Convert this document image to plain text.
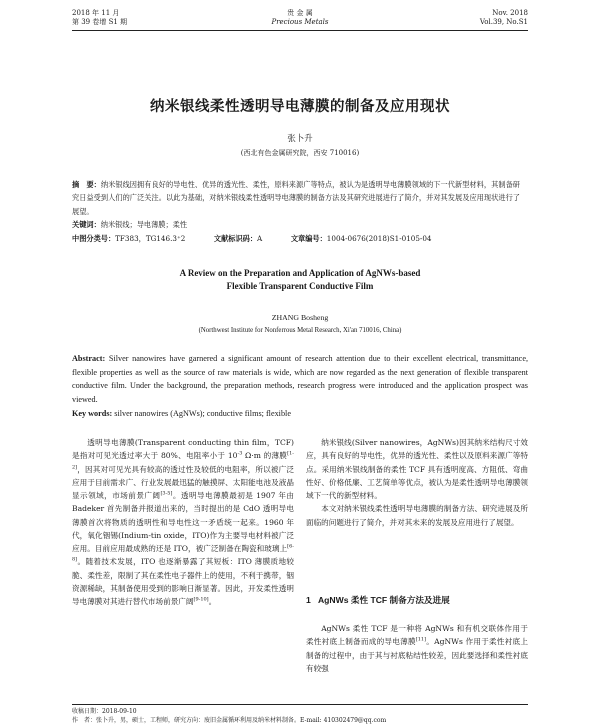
2018 年 11 月
第 39 卷增 S1 期
贵 金 属
Precious Metals
Nov. 2018
Vol.39, No.S1
纳米银线柔性透明导电薄膜的制备及应用现状
张卜升
(西北有色金属研究院，西安 710016)
摘　要：纳米银线因拥有良好的导电性、优异的透光性、柔性，原料来源广等特点，被认为是透明导电薄膜领域的下一代新型材料，其制备研究日益受到人们的广泛关注。以此为基础，对纳米银线柔性透明导电薄膜的制备方法及其研究进展进行了简介，并对其发展及应用现状进行了展望。
关键词：纳米银线；导电薄膜；柔性
中图分类号：TF383，TG146.3⁺2	文献标识码：A	文章编号：1004-0676(2018)S1-0105-04
A Review on the Preparation and Application of AgNWs-based
Flexible Transparent Conductive Film
ZHANG Bosheng
(Northwest Institute for Nonferrous Metal Research, Xi'an 710016, China)
Abstract: Silver nanowires have garnered a significant amount of research attention due to their excellent electrical, transmittance, flexible properties as well as the source of raw materials is wide, which are now regarded as the next generation of flexible transparent conductive film. Under the background, the preparation methods, research progress were introduced and the application prospect was viewed.
Key words: silver nanowires (AgNWs); conductive films; flexible

透明导电薄膜(Transparent conducting thin film，TCF)是指对可见光透过率大于 80%、电阻率小于 $10^{-3}$ Ω·m 的薄膜[1-2]，因其对可见光具有较高的透过性及较低的电阻率，所以被广泛应用于目前需求广、行业发展最迅猛的触摸屏、太阳能电池及液晶显示领域，市场前景广阔[3-5]。透明导电薄膜最初是 1907 年由 Badeker 首先制备并报道出来的，当时提出的是 CdO 透明导电薄膜首次将物质的透明性和导电性这一矛盾统一起来。1960 年代，氧化铟锡(Indium-tin oxide，ITO)作为主要导电材料被广泛应用。目前应用最成熟的还是 ITO，被广泛制备在陶瓷和玻璃上[6-8]。随着技术发展，ITO 也逐渐暴露了其短板：ITO 薄膜质地较脆、柔性差，限制了其在柔性电子器件上的使用，不利于携带，铟资源稀缺，其制备使用受到的影响日渐显著。因此，开发柔性透明导电薄膜对其进行替代市场前景广阔[9-10]。

纳米银线(Silver nanowires，AgNWs)因其纳米结构尺寸效应，具有良好的导电性，优异的透光性、柔性以及原料来源广等特点。采用纳米银线制备的柔性 TCF 具有透明度高、方阻低、弯曲性好、价格低廉、工艺简单等优点，被认为是柔性透明导电薄膜领域下一代的新型材料。

本文对纳米银线柔性透明导电薄膜的制备方法、研究进展及所面临的问题进行了简介，并对其未来的发展及应用进行了展望。

1 AgNWs 柔性 TCF 制备方法及进展

AgNWs 柔性 TCF 是一种将 AgNWs 和有机交联体作用于柔性衬底上制备而成的导电薄膜[11]。AgNWs 作用于柔性衬底上制备的过程中，由于其与衬底粘结性较差，因此要选择和柔性衬底有较强

收稿日期：2018-09-10
作　者：张卜升，男，硕士，工程师，研究方向：废旧金属循环利用及纳米材料制备。E-mail: 410302479@qq.com
